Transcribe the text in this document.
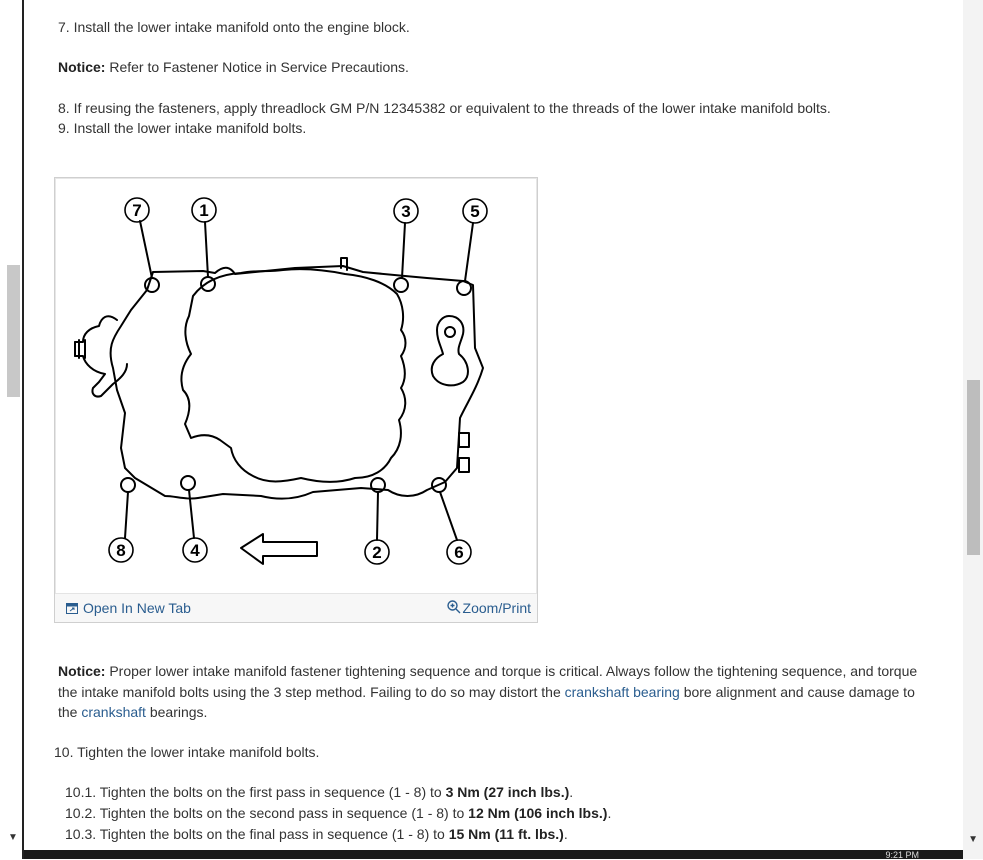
▼
7. Install the lower intake manifold onto the engine block.
Notice: Refer to Fastener Notice in Service Precautions.
8. If reusing the fasteners, apply threadlock GM P/N 12345382 or equivalent to the threads of the lower intake manifold bolts.
9. Install the lower intake manifold bolts.
7	1	3	5
8	4	2	6
Open In New Tab	Zoom/Print
Notice: Proper lower intake manifold fastener tightening sequence and torque is critical. Always follow the tightening sequence, and torque the intake manifold bolts using the 3 step method. Failing to do so may distort the crankshaft bearing bore alignment and cause damage to the crankshaft bearings.
10. Tighten the lower intake manifold bolts.
10.1. Tighten the bolts on the first pass in sequence (1 - 8) to 3 Nm (27 inch lbs.).
10.2. Tighten the bolts on the second pass in sequence (1 - 8) to 12 Nm (106 inch lbs.).
10.3. Tighten the bolts on the final pass in sequence (1 - 8) to 15 Nm (11 ft. lbs.).	▼
9:21 PM
